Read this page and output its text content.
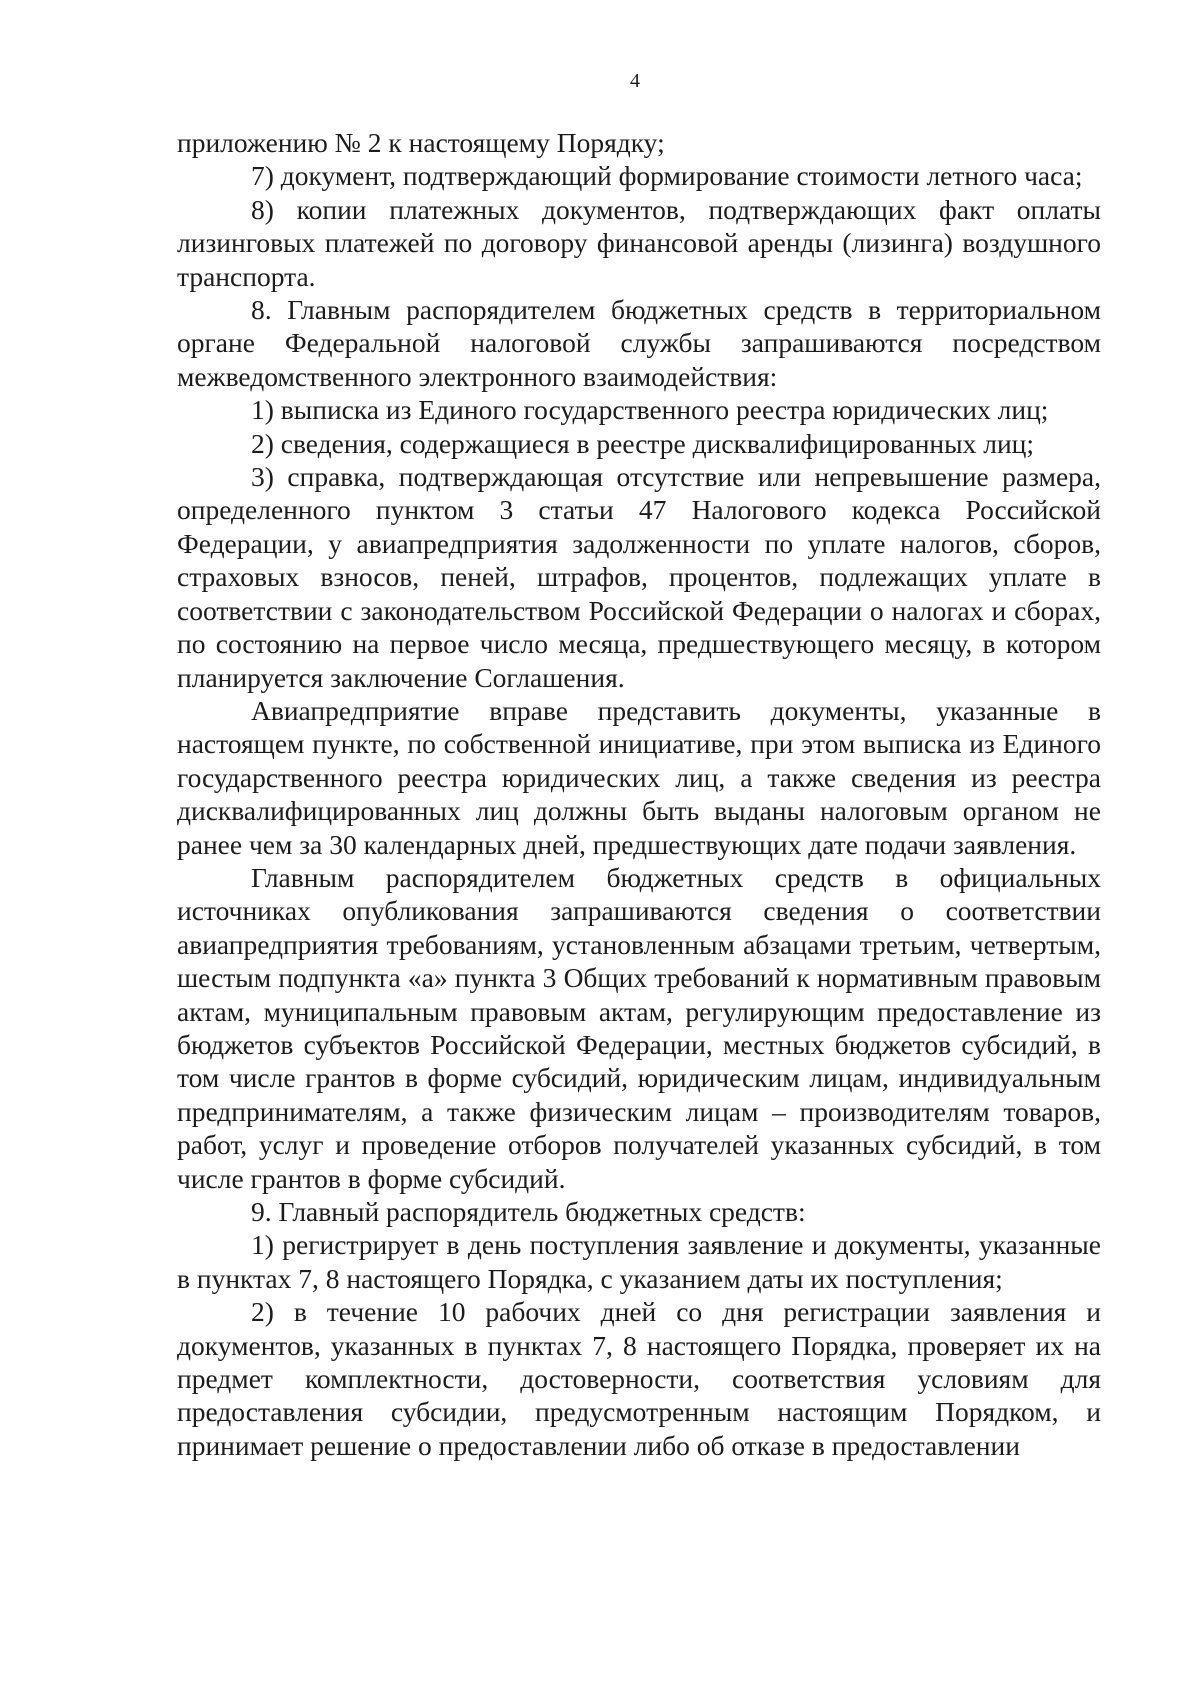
4

приложению № 2 к настоящему Порядку;

7) документ, подтверждающий формирование стоимости летного часа;

8) копии платежных документов, подтверждающих факт оплаты лизинговых платежей по договору финансовой аренды (лизинга) воздушного транспорта.

8. Главным распорядителем бюджетных средств в территориальном органе Федеральной налоговой службы запрашиваются посредством межведомственного электронного взаимодействия:

1) выписка из Единого государственного реестра юридических лиц;

2) сведения, содержащиеся в реестре дисквалифицированных лиц;

3) справка, подтверждающая отсутствие или непревышение размера, определенного пунктом 3 статьи 47 Налогового кодекса Российской Федерации, у авиапредприятия задолженности по уплате налогов, сборов, страховых взносов, пеней, штрафов, процентов, подлежащих уплате в соответствии с законодательством Российской Федерации о налогах и сборах, по состоянию на первое число месяца, предшествующего месяцу, в котором планируется заключение Соглашения.

Авиапредприятие вправе представить документы, указанные в настоящем пункте, по собственной инициативе, при этом выписка из Единого государственного реестра юридических лиц, а также сведения из реестра дисквалифицированных лиц должны быть выданы налоговым органом не ранее чем за 30 календарных дней, предшествующих дате подачи заявления.

Главным распорядителем бюджетных средств в официальных источниках опубликования запрашиваются сведения о соответствии авиапредприятия требованиям, установленным абзацами третьим, четвертым, шестым подпункта «а» пункта 3 Общих требований к нормативным правовым актам, муниципальным правовым актам, регулирующим предоставление из бюджетов субъектов Российской Федерации, местных бюджетов субсидий, в том числе грантов в форме субсидий, юридическим лицам, индивидуальным предпринимателям, а также физическим лицам – производителям товаров, работ, услуг и проведение отборов получателей указанных субсидий, в том числе грантов в форме субсидий.

9. Главный распорядитель бюджетных средств:

1) регистрирует в день поступления заявление и документы, указанные в пунктах 7, 8 настоящего Порядка, с указанием даты их поступления;

2) в течение 10 рабочих дней со дня регистрации заявления и документов, указанных в пунктах 7, 8 настоящего Порядка, проверяет их на предмет комплектности, достоверности, соответствия условиям для предоставления субсидии, предусмотренным настоящим Порядком, и принимает решение о предоставлении либо об отказе в предоставлении
